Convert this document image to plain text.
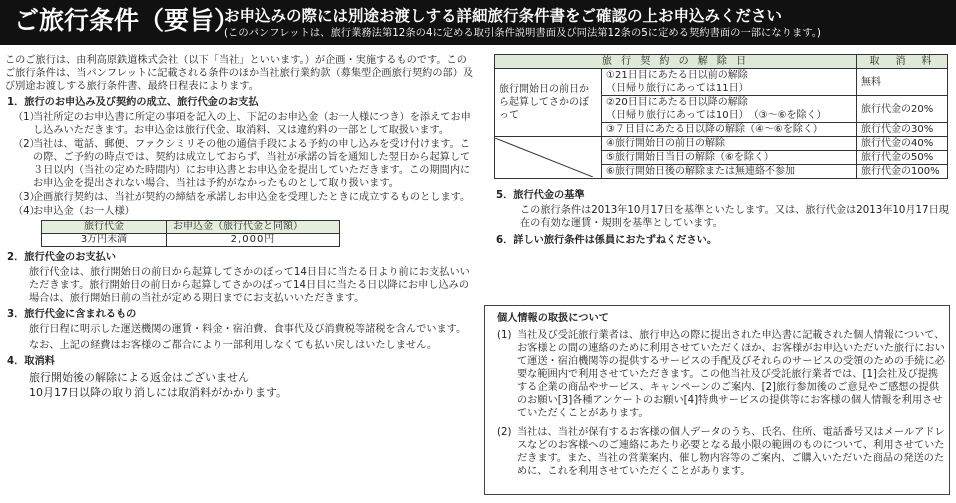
ご旅行条件（要旨）
お申込みの際には別途お渡しする詳細旅行条件書をご確認の上お申込みください
(このパンフレットは、旅行業務法第12条の4に定める取引条件説明書面及び同法第12条の5に定める契約書面の一部になります。)

このご旅行は、由利高原鉄道株式会社（以下「当社」といいます。）が企画・実施するものです。このご旅行条件は、当パンフレットに記載される条件のほか当社旅行業約款（募集型企画旅行契約の部）及び別途お渡しする旅行条件書、最終日程表によります。

1．旅行のお申込み及び契約の成立、旅行代金のお支払
（1）
当社所定のお申込書に所定の事項を記入の上、下記のお申込金（お一人様につき）を添えてお申し込みいただきます。お申込金は旅行代金、取消料、又は違約料の一部として取扱います。
（2）
当社は、電話、郵便、ファクシミリその他の通信手段による予約の申し込みを受け付けます。この際、ご予約の時点では、契約は成立しておらず、当社が承諾の旨を通知した翌日から起算して３日以内（当社の定めた時間内）にお申込書とお申込金を提出していただきます。この期間内にお申込金を提出されない場合、当社は予約がなかったものとして取り扱います。
（3）
企画旅行契約は、当社が契約の締結を承諾しお申込金を受理したときに成立するものとします。
（4）
お申込金（お一人様）
旅行代金	お申込金（旅行代金と同額）
3万円未満	2,000円
2．旅行代金のお支払い

旅行代金は、旅行開始日の前日から起算してさかのぼって14日目に当たる日より前にお支払いいただきます。旅行開始日の前日から起算してさかのぼって14日目に当たる日以降にお申し込みの場合は、旅行開始日前の当社が定める期日までにお支払いいただきます。

3．旅行代金に含まれるもの

旅行日程に明示した運送機関の運賃・料金・宿泊費、食事代及び消費税等諸税を含んでいます。

なお、上記の経費はお客様のご都合により一部利用しなくても払い戻しはいたしません。

4．取消料

旅行開始後の解除による返金はございません

10月17日以降の取り消しには取消料がかかります。

旅 行 契 約 の 解 除 日		取　消　料
旅行開始日の前日から起算してさかのぼって	①21日目にあたる日以前の解除
（日帰り旅行にあっては11日）	無料

	②20日目にあたる日以降の解除
（日帰り旅行にあっては10日）　（③〜⑥を除く）	旅行代金の20%
	③７日目にあたる日以降の解除（④〜⑥を除く）	旅行代金の30%

	④旅行開始日の前日の解除	旅行代金の40%
	⑤旅行開始日当日の解除（⑥を除く）	旅行代金の50%
	⑥旅行開始日後の解除または無連絡不参加	旅行代金の100%
5．旅行代金の基準

この旅行条件は2013年10月17日を基準といたします。又は、旅行代金は2013年10月17日現在の有効な運賃・規則を基準としています。

6．詳しい旅行条件は係員におたずねください。
個人情報の取扱について
(1) 当社及び受託旅行業者は、旅行申込の際に提出された申込書に記載された個人情報について、お客様との間の連絡のために利用させていただくほか、お客様がお申込いただいた旅行において運送・宿泊機関等の提供するサービスの手配及びそれらのサービスの受領のための手続に必要な範囲内で利用させていただきます。この他当社及び受託旅行業者では、[1]会社及び提携する企業の商品やサービス、キャンペーンのご案内、[2]旅行参加後のご意見やご感想の提供のお願い[3]各種アンケートのお願い[4]特典サービスの提供等にお客様の個人情報を利用させていただくことがあります。
(2) 当社は、当社が保有するお客様の個人データのうち、氏名、住所、電話番号又はメールアドレスなどのお客様へのご連絡にあたり必要となる最小限の範囲のものについて、利用させていただきます。また、当社の営業案内、催し物内容等のご案内、ご購入いただいた商品の発送のために、これを利用させていただくことがあります。
